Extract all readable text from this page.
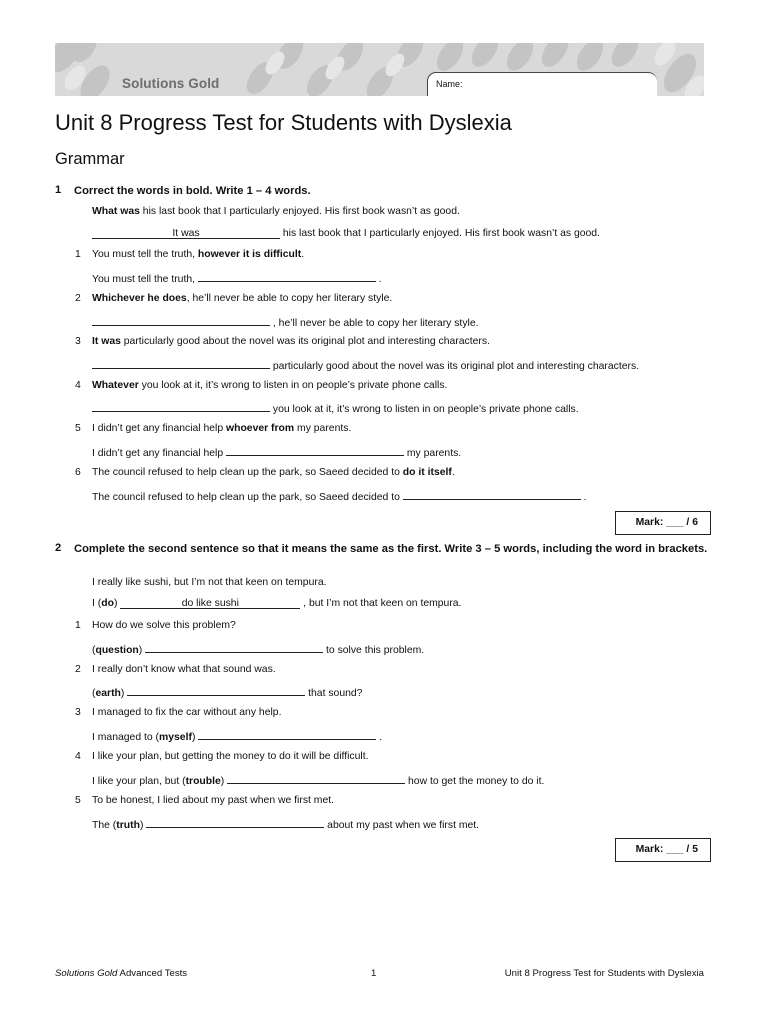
Solutions Gold	Name:
Unit 8 Progress Test for Students with Dyslexia
Grammar
1 Correct the words in bold. Write 1 – 4 words.
What was his last book that I particularly enjoyed. His first book wasn’t as good.
It was	his last book that I particularly enjoyed. His first book wasn’t as good.
1 You must tell the truth, however it is difficult.
You must tell the truth,	.
2 Whichever he does, he’ll never be able to copy her literary style.
, he’ll never be able to copy her literary style.
3 It was particularly good about the novel was its original plot and interesting characters.
particularly good about the novel was its original plot and interesting characters.
4 Whatever you look at it, it’s wrong to listen in on people’s private phone calls.
you look at it, it’s wrong to listen in on people’s private phone calls.
5 I didn’t get any financial help whoever from my parents.
I didn’t get any financial help	my parents.
6 The council refused to help clean up the park, so Saeed decided to do it itself.
The council refused to help clean up the park, so Saeed decided to	.
Mark: ___ / 6
2 Complete the second sentence so that it means the same as the first. Write 3 – 5 words, including the word in brackets.
I really like sushi, but I’m not that keen on tempura.
I (do)	do like sushi	, but I’m not that keen on tempura.
1 How do we solve this problem?
(question)	to solve this problem.
2 I really don’t know what that sound was.
(earth)	that sound?
3 I managed to fix the car without any help.
I managed to (myself)	.
4 I like your plan, but getting the money to do it will be difficult.
I like your plan, but (trouble)	how to get the money to do it.
5 To be honest, I lied about my past when we first met.
The (truth)	about my past when we first met.
Mark: ___ / 5
Solutions Gold Advanced Tests	1	Unit 8 Progress Test for Students with Dyslexia
